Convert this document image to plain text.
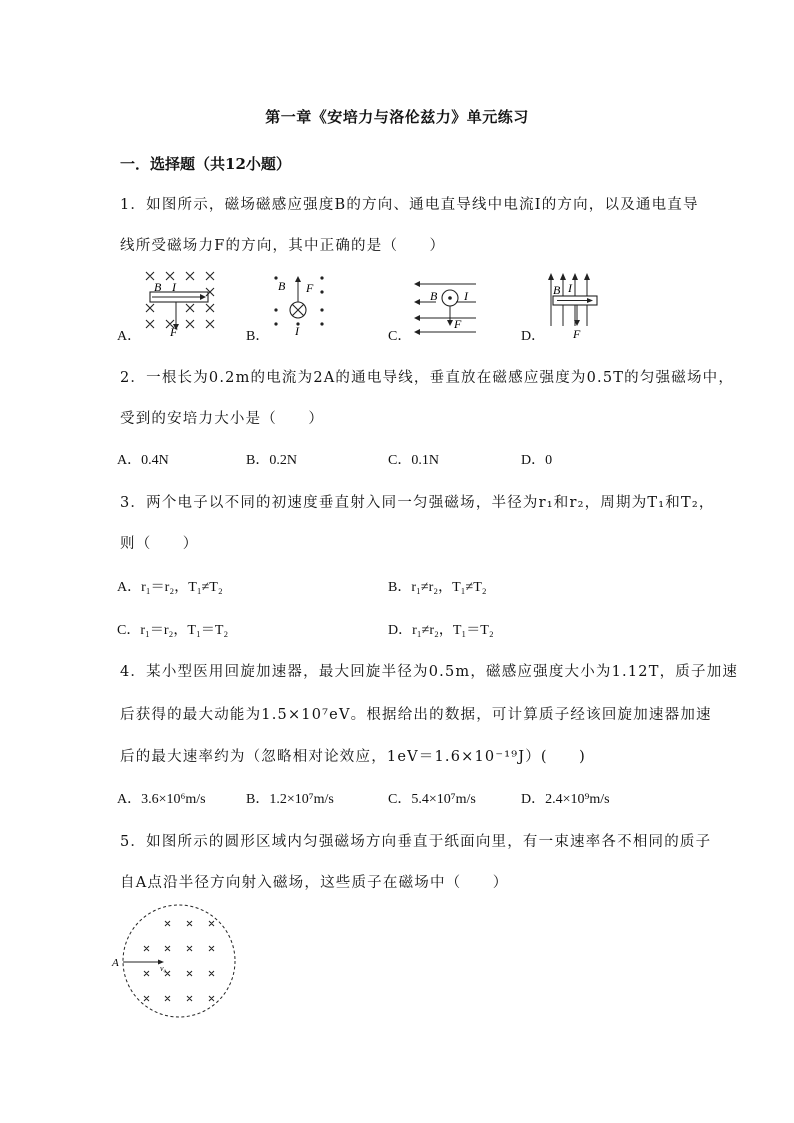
第一章《安培力与洛伦兹力》单元练习
一．选择题（共12小题）
1．如图所示，磁场磁感应强度B的方向、通电直导线中电流I的方向，以及通电直导
线所受磁场力F的方向，其中正确的是（　　）
A．
B I
F	B．
B F
I	C．
B I
F
D．
B I
F
2．一根长为0.2m的电流为2A的通电导线，垂直放在磁感应强度为0.5T的匀强磁场中，
受到的安培力大小是（　　）
A．0.4N	B．0.2N	C．0.1N	D．0
3．两个电子以不同的初速度垂直射入同一匀强磁场，半径为r₁和r₂，周期为T₁和T₂，
则（　　）
A．r₁＝r₂，T₁≠T₂	B．r₁≠r₂，T₁≠T₂
C．r₁＝r₂，T₁＝T₂	D．r₁≠r₂，T₁＝T₂
4．某小型医用回旋加速器，最大回旋半径为0.5m，磁感应强度大小为1.12T，质子加速
后获得的最大动能为1.5×10⁷eV。根据给出的数据，可计算质子经该回旋加速器加速
后的最大速率约为（忽略相对论效应，1eV＝1.6×10⁻¹⁹J）(　　)
A．3.6×10⁶m/s	B．1.2×10⁷m/s	C．5.4×10⁷m/s	D．2.4×10⁹m/s
5．如图所示的圆形区域内匀强磁场方向垂直于纸面向里，有一束速率各不相同的质子
自A点沿半径方向射入磁场，这些质子在磁场中（　　）
A	v₀
